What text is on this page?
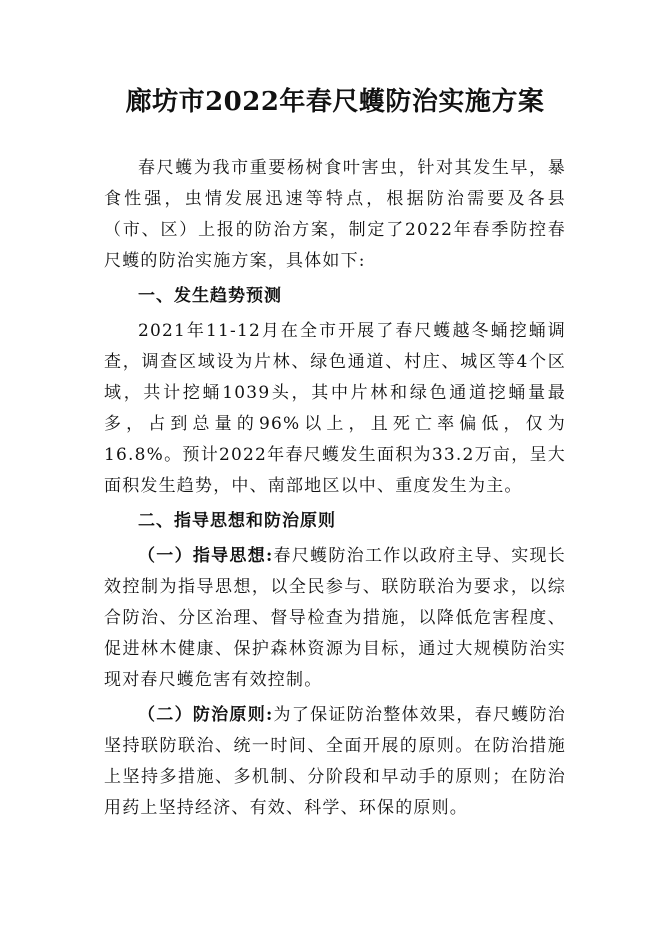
廊坊市2022年春尺蠖防治实施方案

春尺蠖为我市重要杨树食叶害虫，针对其发生早，暴食性强，虫情发展迅速等特点，根据防治需要及各县（市、区）上报的防治方案，制定了2022年春季防控春尺蠖的防治实施方案，具体如下:

一、发生趋势预测

2021年11-12月在全市开展了春尺蠖越冬蛹挖蛹调查，调查区域设为片林、绿色通道、村庄、城区等4个区域，共计挖蛹1039头，其中片林和绿色通道挖蛹量最多，占到总量的96%以上，且死亡率偏低，仅为16.8%。预计2022年春尺蠖发生面积为33.2万亩，呈大面积发生趋势，中、南部地区以中、重度发生为主。

二、指导思想和防治原则

（一）指导思想:春尺蠖防治工作以政府主导、实现长效控制为指导思想，以全民参与、联防联治为要求，以综合防治、分区治理、督导检查为措施，以降低危害程度、促进林木健康、保护森林资源为目标，通过大规模防治实现对春尺蠖危害有效控制。

（二）防治原则:为了保证防治整体效果，春尺蠖防治坚持联防联治、统一时间、全面开展的原则。在防治措施上坚持多措施、多机制、分阶段和早动手的原则；在防治用药上坚持经济、有效、科学、环保的原则。
